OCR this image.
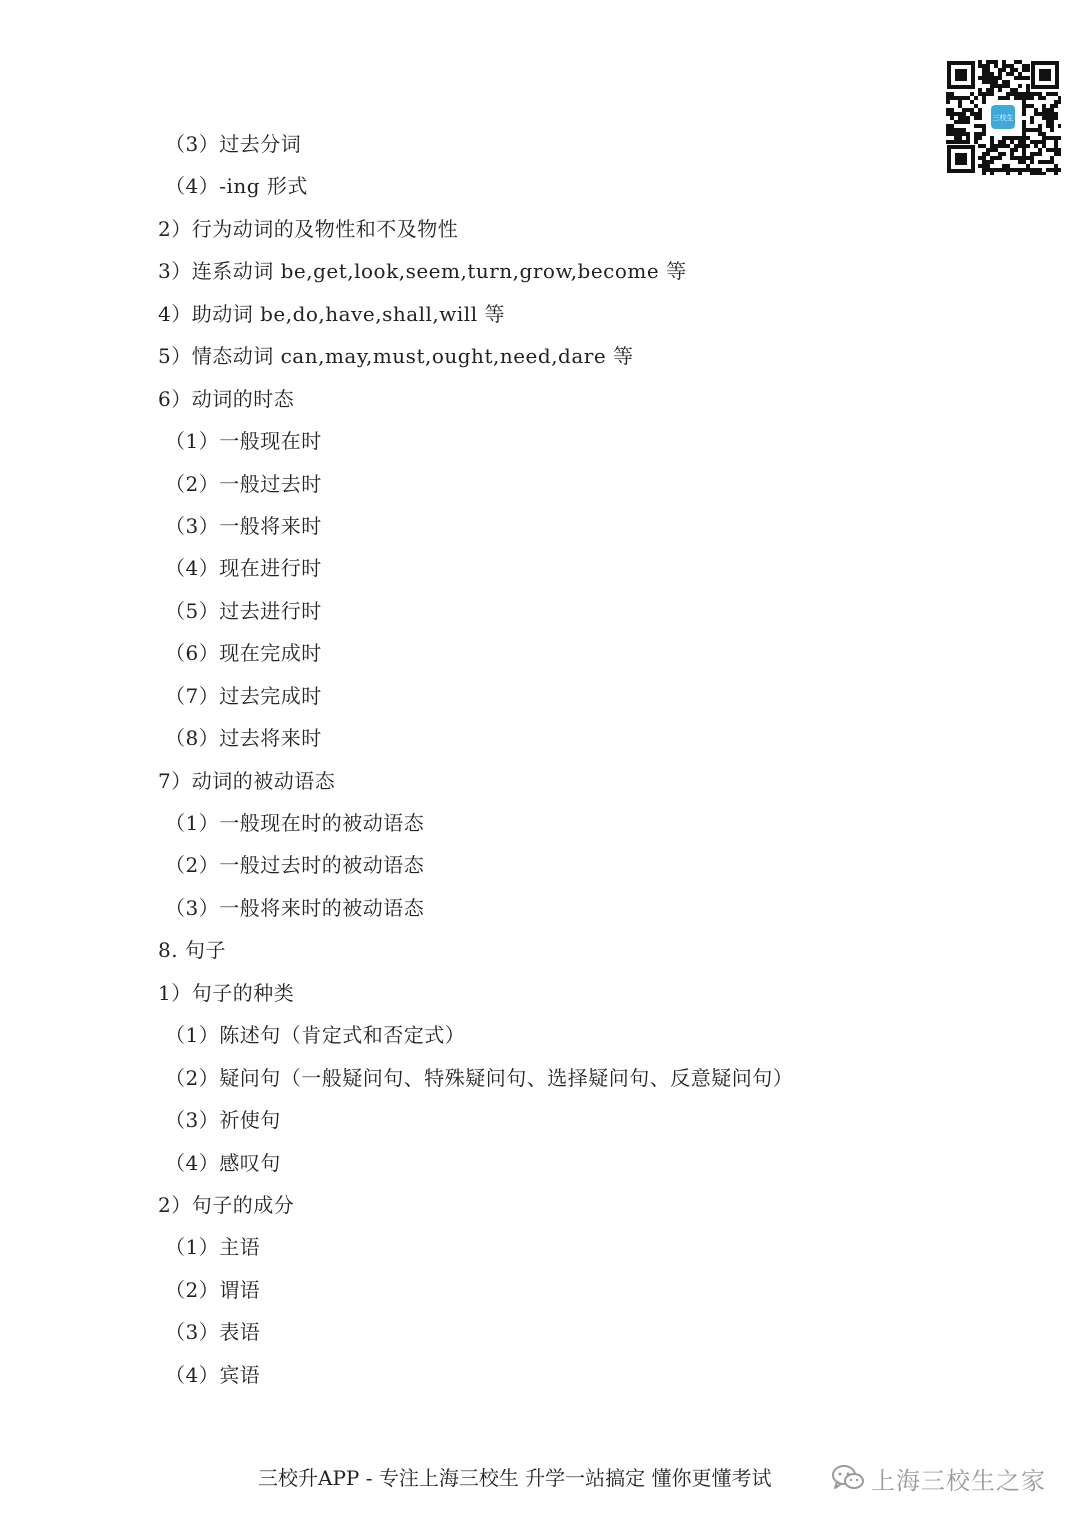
三校生
（3）过去分词
（4）-ing 形式
2）行为动词的及物性和不及物性
3）连系动词 be,get,look,seem,turn,grow,become 等
4）助动词 be,do,have,shall,will 等
5）情态动词 can,may,must,ought,need,dare 等
6）动词的时态
（1）一般现在时
（2）一般过去时
（3）一般将来时
（4）现在进行时
（5）过去进行时
（6）现在完成时
（7）过去完成时
（8）过去将来时
7）动词的被动语态
（1）一般现在时的被动语态
（2）一般过去时的被动语态
（3）一般将来时的被动语态
8. 句子
1）句子的种类
（1）陈述句（肯定式和否定式）
（2）疑问句（一般疑问句、特殊疑问句、选择疑问句、反意疑问句）
（3）祈使句
（4）感叹句
2）句子的成分
（1）主语
（2）谓语
（3）表语
（4）宾语
三校升APP - 专注上海三校生 升学一站搞定 懂你更懂考试	上海三校生之家
